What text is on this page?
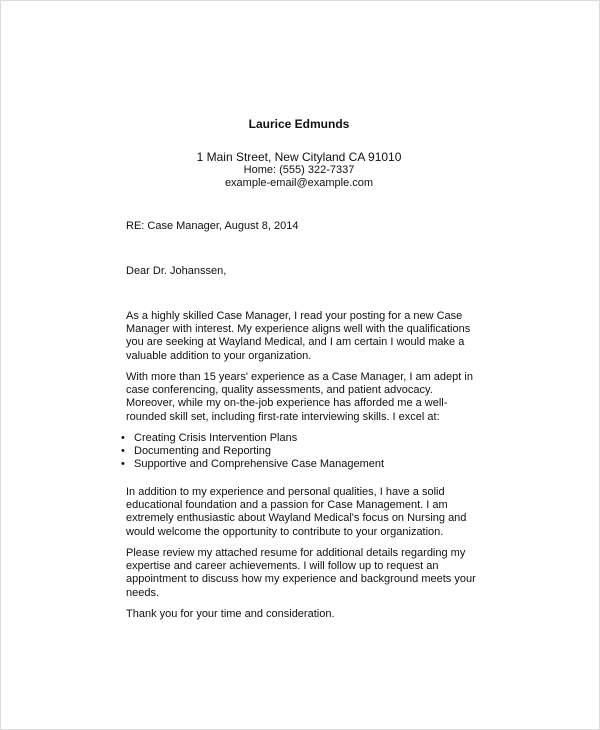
Laurice Edmunds
1 Main Street, New Cityland CA 91010
Home: (555) 322-7337
example-email@example.com

RE: Case Manager, August 8, 2014

Dear Dr. Johanssen,

As a highly skilled Case Manager, I read your posting for a new Case Manager with interest. My experience aligns well with the qualifications you are seeking at Wayland Medical, and I am certain I would make a valuable addition to your organization.

With more than 15 years' experience as a Case Manager, I am adept in case conferencing, quality assessments, and patient advocacy. Moreover, while my on-the-job experience has afforded me a well-rounded skill set, including first-rate interviewing skills. I excel at:

• Creating Crisis Intervention Plans
• Documenting and Reporting
• Supportive and Comprehensive Case Management

In addition to my experience and personal qualities, I have a solid educational foundation and a passion for Case Management. I am extremely enthusiastic about Wayland Medical's focus on Nursing and would welcome the opportunity to contribute to your organization.

Please review my attached resume for additional details regarding my expertise and career achievements. I will follow up to request an appointment to discuss how my experience and background meets your needs.

Thank you for your time and consideration.
